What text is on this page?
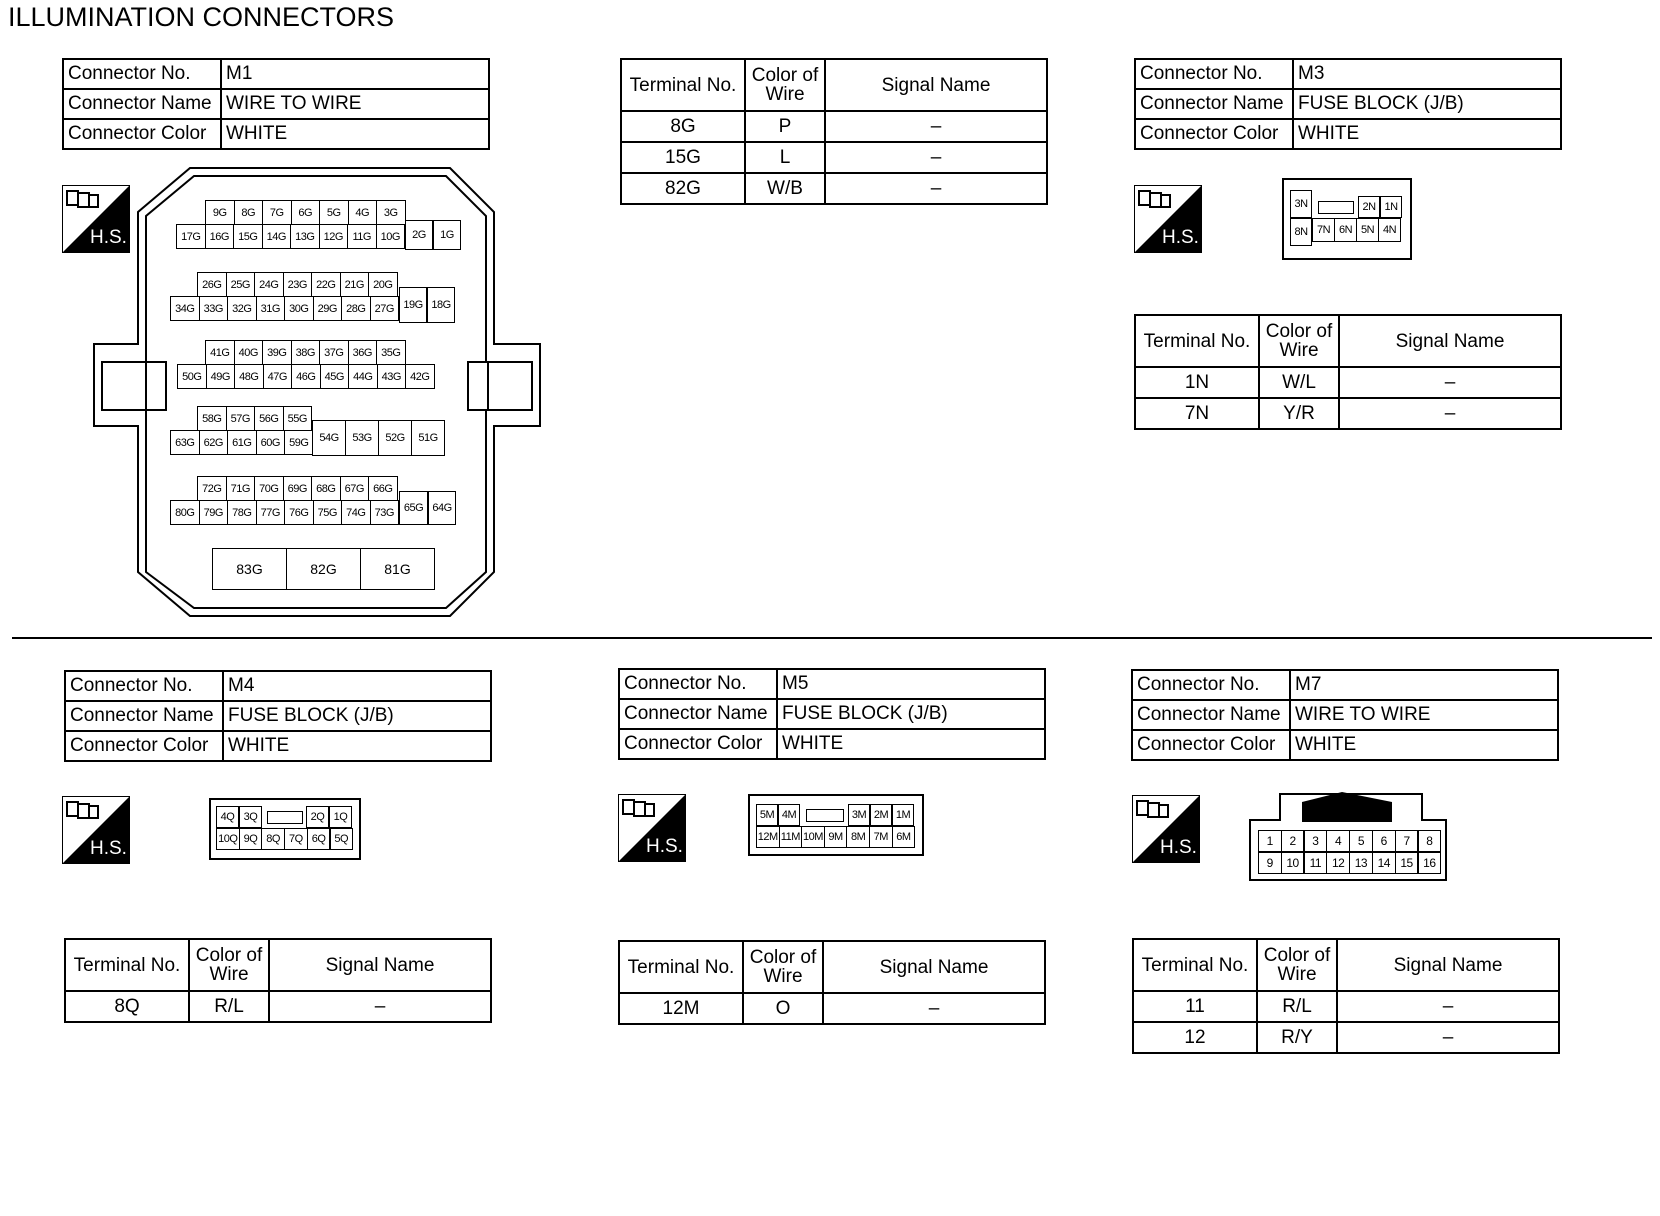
ILLUMINATION CONNECTORS
Connector No.	M1
Connector Name	WIRE TO WIRE
Connector Color	WHITE
H.S.
9G	8G	7G	6G	5G	4G	3G
17G 16G 15G 14G 13G 12G 11G 10G	2G	1G
26G 25G 24G 23G 22G 21G 20G
34G 33G 32G 31G 30G 29G 28G 27G 19G 18G
41G 40G 39G 38G 37G 36G 35G
50G 49G 48G 47G 46G 45G 44G 43G 42G
58G 57G 56G 55G
63G 62G 61G 60G 59G 54G	53G	52G	51G
72G 71G 70G 69G 68G 67G 66G
80G 79G 78G 77G 76G 75G 74G 73G 65G 64G
83G	82G	81G
Terminal No.	Color of
Wire	Signal Name
8G	P	–
15G	L	–
82G	W/B	–
Connector No.	M3
Connector Name	FUSE BLOCK (J/B)
Connector Color	WHITE
H.S.
3N	2N 1N
8N 7N 6N 5N 4N
Terminal No.	Color of
Wire	Signal Name
1N	W/L	–
7N	Y/R	–
Connector No.	M4
Connector Name	FUSE BLOCK (J/B)
Connector Color	WHITE
H.S.
4Q 3Q	2Q 1Q
10Q 9Q 8Q 7Q 6Q 5Q
Terminal No.	Color of
Wire	Signal Name
8Q	R/L	–
Connector No.	M5
Connector Name	FUSE BLOCK (J/B)
Connector Color	WHITE
H.S.
5M 4M	3M 2M 1M
12M 11M 10M 9M 8M 7M 6M
Terminal No.	Color of
Wire	Signal Name
12M	O	–
Connector No.	M7
Connector Name	WIRE TO WIRE
Connector Color	WHITE
H.S.	1	2	3	4	5	6	7	8
9	10 11 12 13 14 15 16
Terminal No.	Color of
Wire	Signal Name
11	R/L	–
12	R/Y	–
